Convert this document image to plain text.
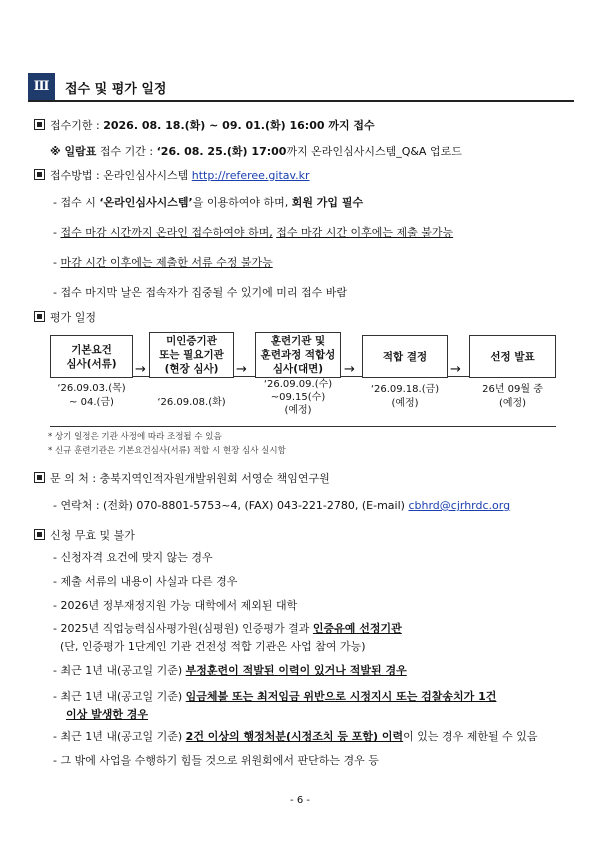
Ⅲ	접수 및 평가 일정
접수기한 : 2026. 08. 18.(화) ~ 09. 01.(화) 16:00 까지 접수
※ 일람표 접수 기간 : ‘26. 08. 25.(화) 17:00까지 온라인심사시스템_Q&A 업로드
접수방법 : 온라인심사시스템 http://referee.gitav.kr
- 접수 시 ‘온라인심사시스템’을 이용하여야 하며, 회원 가입 필수
- 접수 마감 시간까지 온라인 접수하여야 하며, 접수 마감 시간 이후에는 제출 불가능
- 마감 시간 이후에는 제출한 서류 수정 불가능
- 접수 마지막 날은 접속자가 집중될 수 있기에 미리 접수 바람
평가 일정
기본요건
심사(서류)
‘26.09.03.(목)
~ 04.(금)
→
미인증기관
또는 필요기관
(현장 심사)
‘26.09.08.(화)
→
훈련기관 및
훈련과정 적합성
심사(대면)
‘26.09.09.(수)
~09.15(수)
(예정)
→
적합 결정
‘26.09.18.(금)
(예정)
→
선정 발표
26년 09월 중
(예정)
* 상기 일정은 기관 사정에 따라 조정될 수 있음
* 신규 훈련기관은 기본요건심사(서류) 적합 시 현장 심사 실시함
문 의 처 : 충북지역인적자원개발위원회 서영순 책임연구원
- 연락처 : (전화) 070-8801-5753~4, (FAX) 043-221-2780, (E-mail) cbhrd@cjrhrdc.org
신청 무효 및 불가
- 신청자격 요건에 맞지 않는 경우
- 제출 서류의 내용이 사실과 다른 경우
- 2026년 정부재정지원 가능 대학에서 제외된 대학
- 2025년 직업능력심사평가원(심평원) 인증평가 결과 인증유예 선정기관
(단, 인증평가 1단계인 기관 건전성 적합 기관은 사업 참여 가능)
- 최근 1년 내(공고일 기준) 부정훈련이 적발된 이력이 있거나 적발된 경우
- 최근 1년 내(공고일 기준) 임금체불 또는 최저임금 위반으로 시정지시 또는 검찰송치가 1건
이상 발생한 경우
- 최근 1년 내(공고일 기준) 2건 이상의 행정처분(시정조치 등 포함) 이력이 있는 경우 제한될 수 있음
- 그 밖에 사업을 수행하기 힘들 것으로 위원회에서 판단하는 경우 등
- 6 -
